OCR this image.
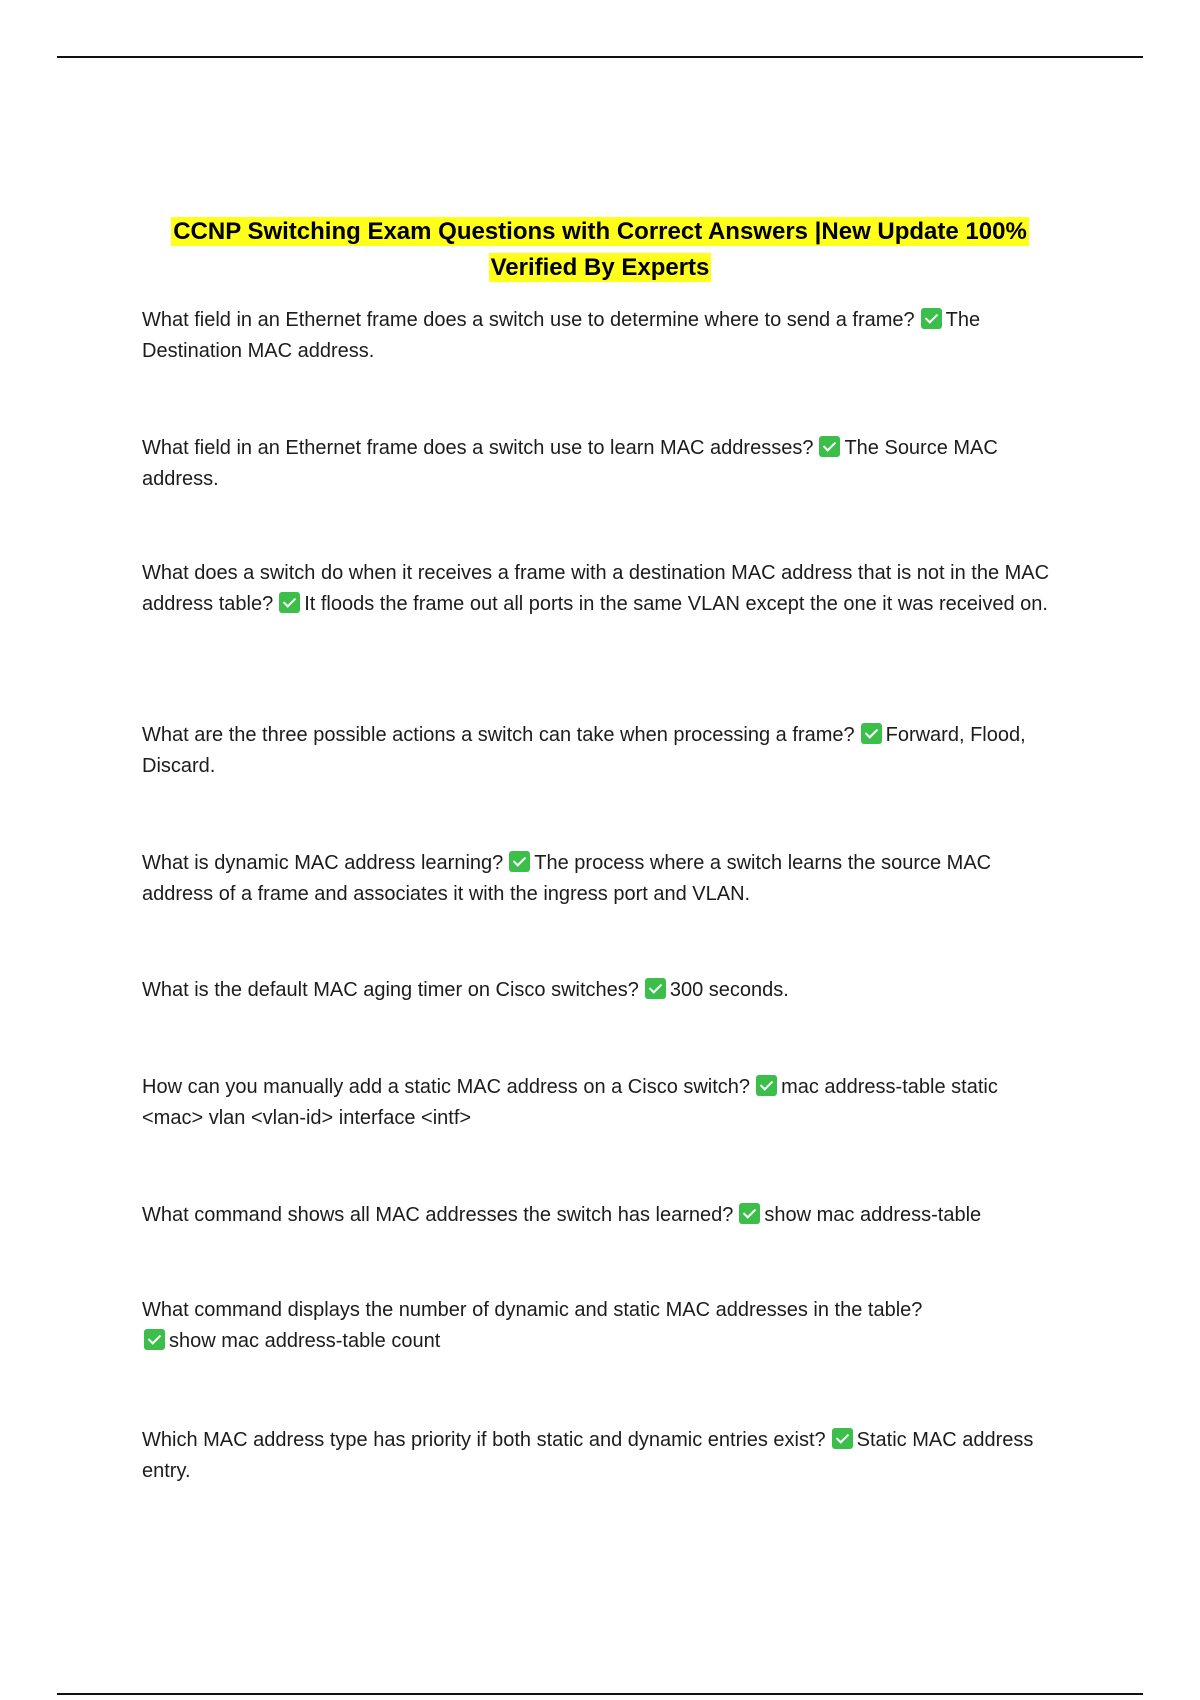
CCNP Switching Exam Questions with Correct Answers |New Update 100%
Verified By Experts
What field in an Ethernet frame does a switch use to determine where to send a frame? The Destination MAC address.
What field in an Ethernet frame does a switch use to learn MAC addresses? The Source MAC address.
What does a switch do when it receives a frame with a destination MAC address that is not in the MAC address table? It floods the frame out all ports in the same VLAN except the one it was received on.
What are the three possible actions a switch can take when processing a frame? Forward, Flood, Discard.
What is dynamic MAC address learning? The process where a switch learns the source MAC address of a frame and associates it with the ingress port and VLAN.
What is the default MAC aging timer on Cisco switches? 300 seconds.
How can you manually add a static MAC address on a Cisco switch? mac address-table static <mac> vlan <vlan-id> interface <intf>
What command shows all MAC addresses the switch has learned? show mac address-table
What command displays the number of dynamic and static MAC addresses in the table?
show mac address-table count
Which MAC address type has priority if both static and dynamic entries exist? Static MAC address entry.
